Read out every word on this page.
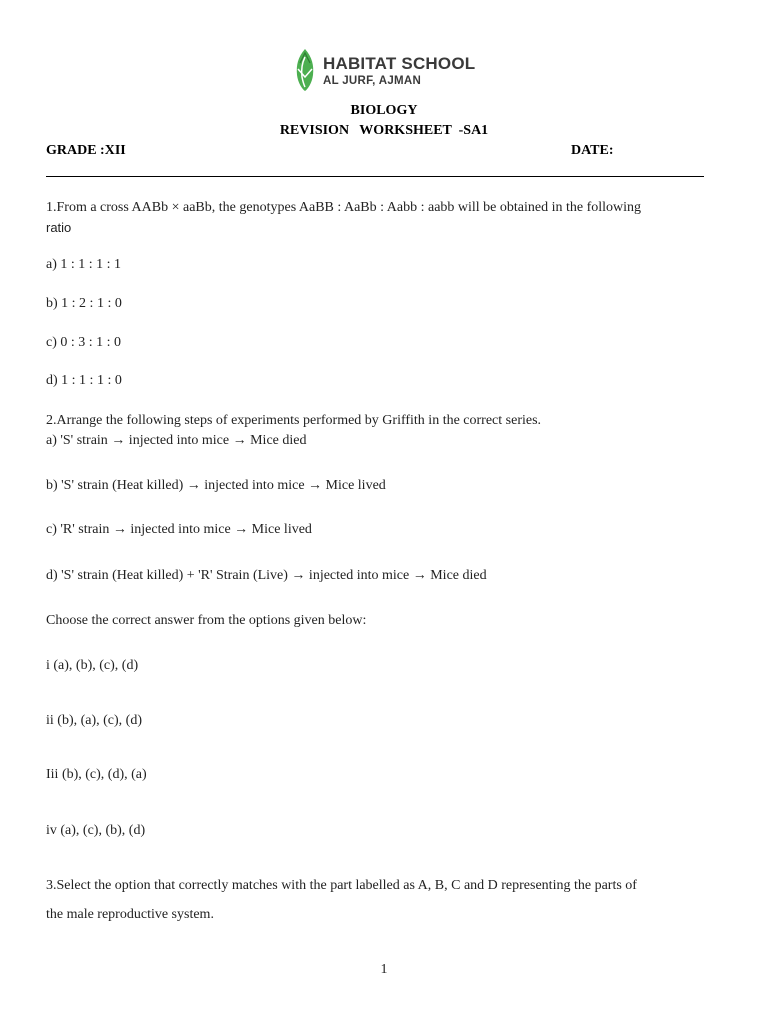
HABITAT SCHOOL
AL JURF, AJMAN
BIOLOGY
REVISION   WORKSHEET  -SA1
GRADE :XII	DATE:
1.From a cross AABb × aaBb, the genotypes AaBB : AaBb : Aabb : aabb will be obtained in the following
ratio
a) 1 : 1 : 1 : 1
b) 1 : 2 : 1 : 0
c) 0 : 3 : 1 : 0
d) 1 : 1 : 1 : 0
2.Arrange the following steps of experiments performed by Griffith in the correct series.
a) 'S' strain → injected into mice → Mice died
b) 'S' strain (Heat killed) → injected into mice → Mice lived
c) 'R' strain → injected into mice → Mice lived
d) 'S' strain (Heat killed) + 'R' Strain (Live) → injected into mice → Mice died
Choose the correct answer from the options given below:
i (a), (b), (c), (d)
ii (b), (a), (c), (d)
Iii (b), (c), (d), (a)
iv (a), (c), (b), (d)
3.Select the option that correctly matches with the part labelled as A, B, C and D representing the parts of
the male reproductive system.
1
